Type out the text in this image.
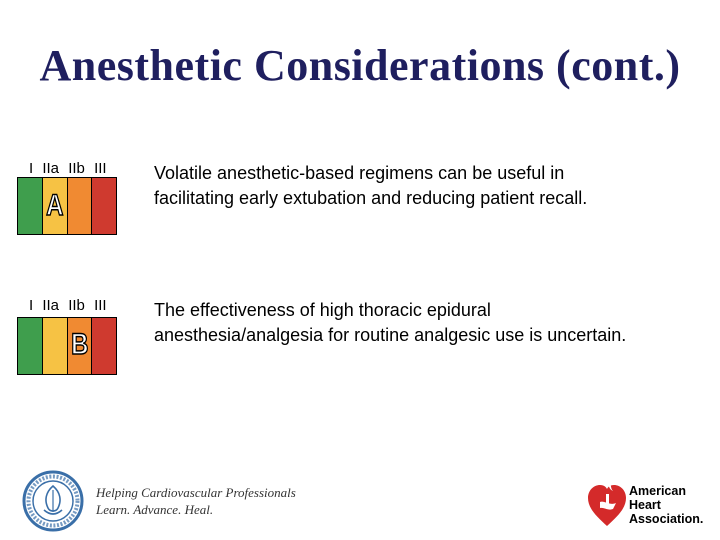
Anesthetic Considerations (cont.)
I IIa IIb III
A
Volatile anesthetic-based regimens can be useful in
facilitating early extubation and reducing patient recall.
I IIa IIb III
B
The effectiveness of high thoracic epidural
anesthesia/analgesia for routine analgesic use is uncertain.
Helping Cardiovascular Professionals
Learn. Advance. Heal.
American
Heart
Association.
